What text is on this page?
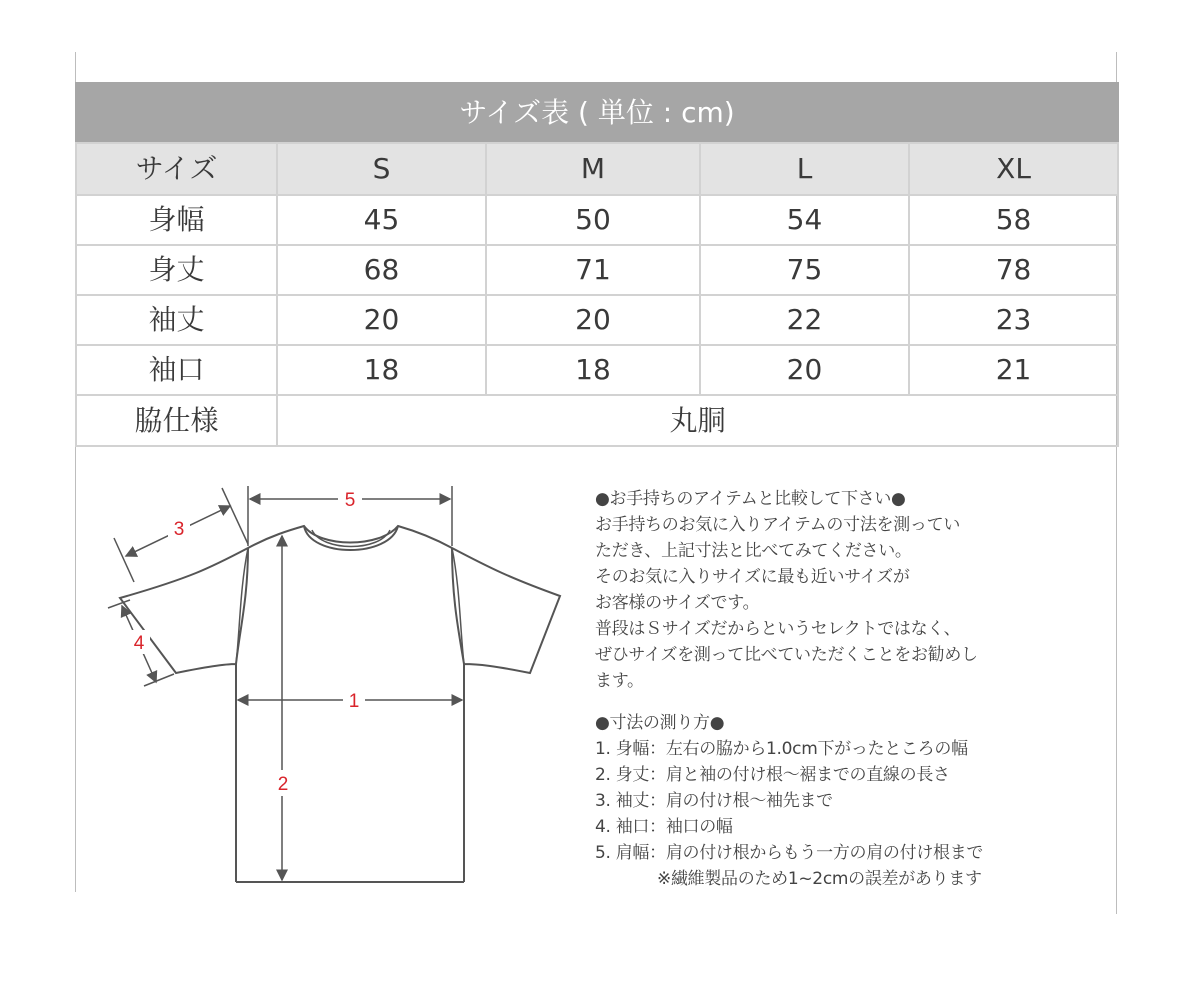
サイズ表 ( 単位 : cm)				
サイズ	S	M	L	XL
身幅	45	50	54	58
身丈	68	71	75	78
袖丈	20	20	22	23
袖口	18	18	20	21
脇仕様	丸胴			
1
2
3
4
5	●お手持ちのアイテムと比較して下さい●
お手持ちのお気に入りアイテムの寸法を測ってい
ただき、上記寸法と比べてみてください。
そのお気に入りサイズに最も近いサイズが
お客様のサイズです。
普段はＳサイズだからというセレクトではなく、
ぜひサイズを測って比べていただくことをお勧めし
ます。
●寸法の測り方●
1. 身幅：左右の脇から1.0cm下がったところの幅
2. 身丈：肩と袖の付け根～裾までの直線の長さ
3. 袖丈：肩の付け根～袖先まで
4. 袖口：袖口の幅
5. 肩幅：肩の付け根からもう一方の肩の付け根まで
※繊維製品のため1~2cmの誤差があります
